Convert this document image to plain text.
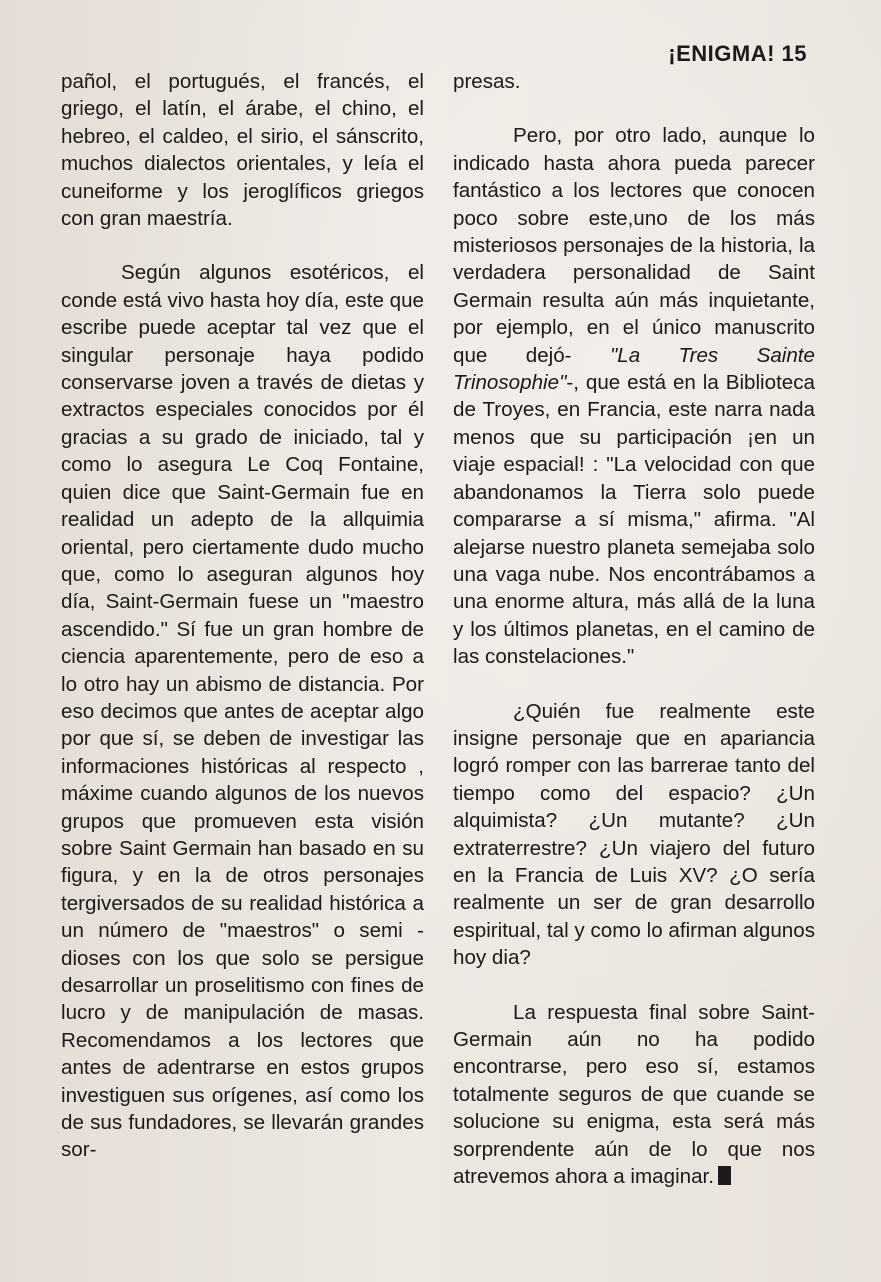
¡ENIGMA! 15

pañol, el portugués, el francés, el griego, el latín, el árabe, el chino, el hebreo, el caldeo, el sirio, el sánscrito, muchos dialectos orientales, y leía el cuneiforme y los jeroglíficos griegos con gran maestría.

Según algunos esotéricos, el conde está vivo hasta hoy día, este que escribe puede aceptar tal vez que el singular personaje haya podido conservarse joven a través de dietas y extractos especiales conocidos por él gracias a su grado de iniciado, tal y como lo asegura Le Coq Fontaine, quien dice que Saint-Germain fue en realidad un adepto de la allquimia oriental, pero ciertamente dudo mucho que, como lo aseguran algunos hoy día, Saint-Germain fuese un "maestro ascendido." Sí fue un gran hombre de ciencia aparentemente, pero de eso a lo otro hay un abismo de distancia. Por eso decimos que antes de aceptar algo por que sí, se deben de investigar las informaciones históricas al respecto , máxime cuando algunos de los nuevos grupos que promueven esta visión sobre Saint Germain han basado en su figura, y en la de otros personajes tergiversados de su realidad histórica a un número de "maestros" o semi - dioses con los que solo se persigue desarrollar un proselitismo con fines de lucro y de manipulación de masas. Recomendamos a los lectores que antes de adentrarse en estos grupos investiguen sus orígenes, así como los de sus fundadores, se llevarán grandes sor-

presas.

Pero, por otro lado, aunque lo indicado hasta ahora pueda parecer fantástico a los lectores que conocen poco sobre este,uno de los más misteriosos personajes de la historia, la verdadera personalidad de Saint Germain resulta aún más inquietante, por ejemplo, en el único manuscrito que dejó- "La Tres Sainte Trinosophie"-, que está en la Biblioteca de Troyes, en Francia, este narra nada menos que su participación ¡en un viaje espacial! : "La velocidad con que abandonamos la Tierra solo puede compararse a sí misma," afirma. "Al alejarse nuestro planeta semejaba solo una vaga nube. Nos encontrábamos a una enorme altura, más allá de la luna y los últimos planetas, en el camino de las constelaciones."

¿Quién fue realmente este insigne personaje que en apariancia logró romper con las barrerae tanto del tiempo como del espacio? ¿Un alquimista? ¿Un mutante? ¿Un extraterrestre? ¿Un viajero del futuro en la Francia de Luis XV? ¿O sería realmente un ser de gran desarrollo espiritual, tal y como lo afirman algunos hoy dia?

La respuesta final sobre Saint-Germain aún no ha podido encontrarse, pero eso sí, estamos totalmente seguros de que cuande se solucione su enigma, esta será más sorprendente aún de lo que nos atrevemos ahora a imaginar.
